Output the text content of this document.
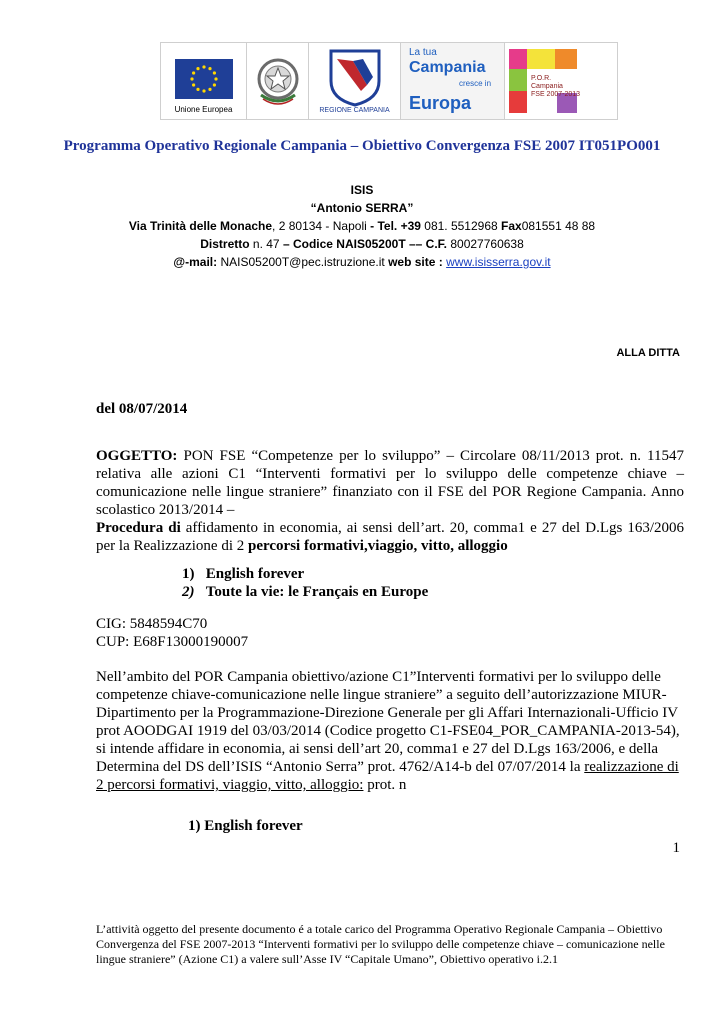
Unione Europea	REGIONE CAMPANIA
La tua
Campania
cresce in
Europa
P.O.R.
Campania
FSE 2007-2013
Programma Operativo Regionale Campania – Obiettivo Convergenza FSE 2007 IT051PO001
ISIS
“Antonio SERRA”
Via Trinità delle Monache, 2 80134 - Napoli - Tel. +39 081. 5512968 Fax081551 48 88
Distretto n. 47 – Codice NAIS05200T –– C.F. 80027760638
@-mail: NAIS05200T@pec.istruzione.it web site : www.isisserra.gov.it
ALLA DITTA
del 08/07/2014
OGGETTO: PON FSE “Competenze per lo sviluppo” – Circolare 08/11/2013 prot. n. 11547 relativa alle azioni C1 “Interventi formativi per lo sviluppo delle competenze chiave – comunicazione nelle lingue straniere” finanziato con il FSE del POR Regione Campania. Anno scolastico 2013/2014 –
Procedura di affidamento in economia, ai sensi dell’art. 20, comma1 e 27 del D.Lgs 163/2006 per la Realizzazione di 2 percorsi formativi,viaggio, vitto, alloggio
1) English forever
2) Toute la vie: le Français en Europe
CIG: 5848594C70
CUP: E68F13000190007
Nell’ambito del POR Campania obiettivo/azione C1”Interventi formativi per lo sviluppo delle competenze chiave-comunicazione nelle lingue straniere” a seguito dell’autorizzazione MIUR-Dipartimento per la Programmazione-Direzione Generale per gli Affari Internazionali-Ufficio IV prot AOODGAI 1919 del 03/03/2014 (Codice progetto C1-FSE04_POR_CAMPANIA-2013-54), si intende affidare in economia, ai sensi dell’art 20, comma1 e 27 del D.Lgs 163/2006, e della Determina del DS dell’ISIS “Antonio Serra” prot. 4762/A14-b del 07/07/2014 la realizzazione di 2 percorsi formativi, viaggio, vitto, alloggio: prot. n
1) English forever
1
L’attività oggetto del presente documento é a totale carico del Programma Operativo Regionale Campania – Obiettivo Convergenza del FSE 2007-2013 “Interventi formativi per lo sviluppo delle competenze chiave – comunicazione nelle lingue straniere” (Azione C1) a valere sull’Asse IV “Capitale Umano”, Obiettivo operativo i.2.1
